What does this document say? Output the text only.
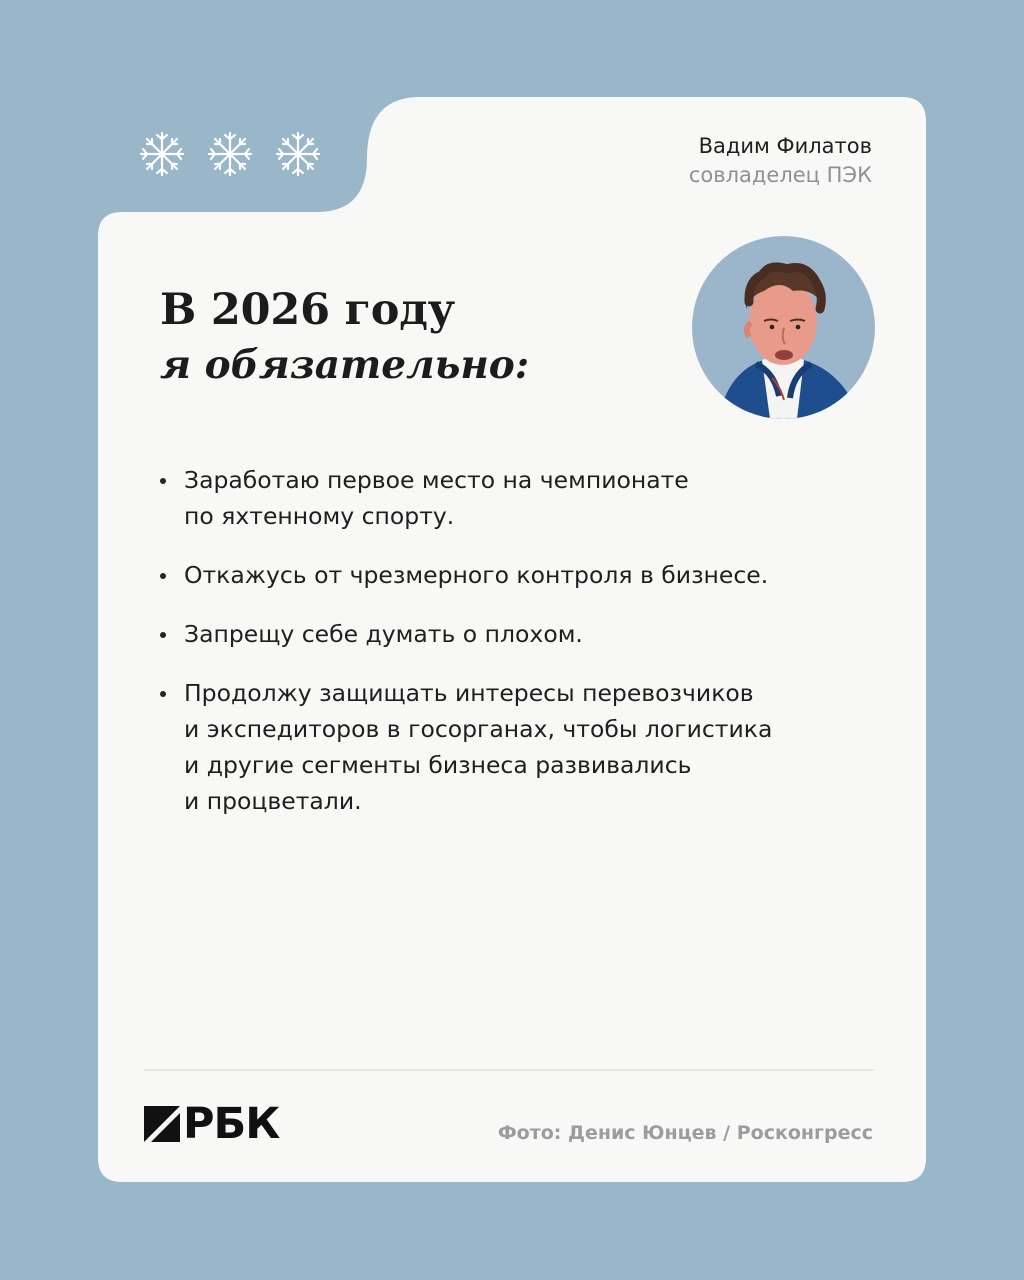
Вадим Филатов
совладелец ПЭК
В 2026 году
я обязательно:
Заработаю первое место на чемпионате
по яхтенному спорту.
Откажусь от чрезмерного контроля в бизнесе.
Запрещу себе думать о плохом.
Продолжу защищать интересы перевозчиков
и экспедиторов в госорганах, чтобы логистика
и другие сегменты бизнеса развивались
и процветали.
РБК	Фото: Денис Юнцев / Росконгресс
